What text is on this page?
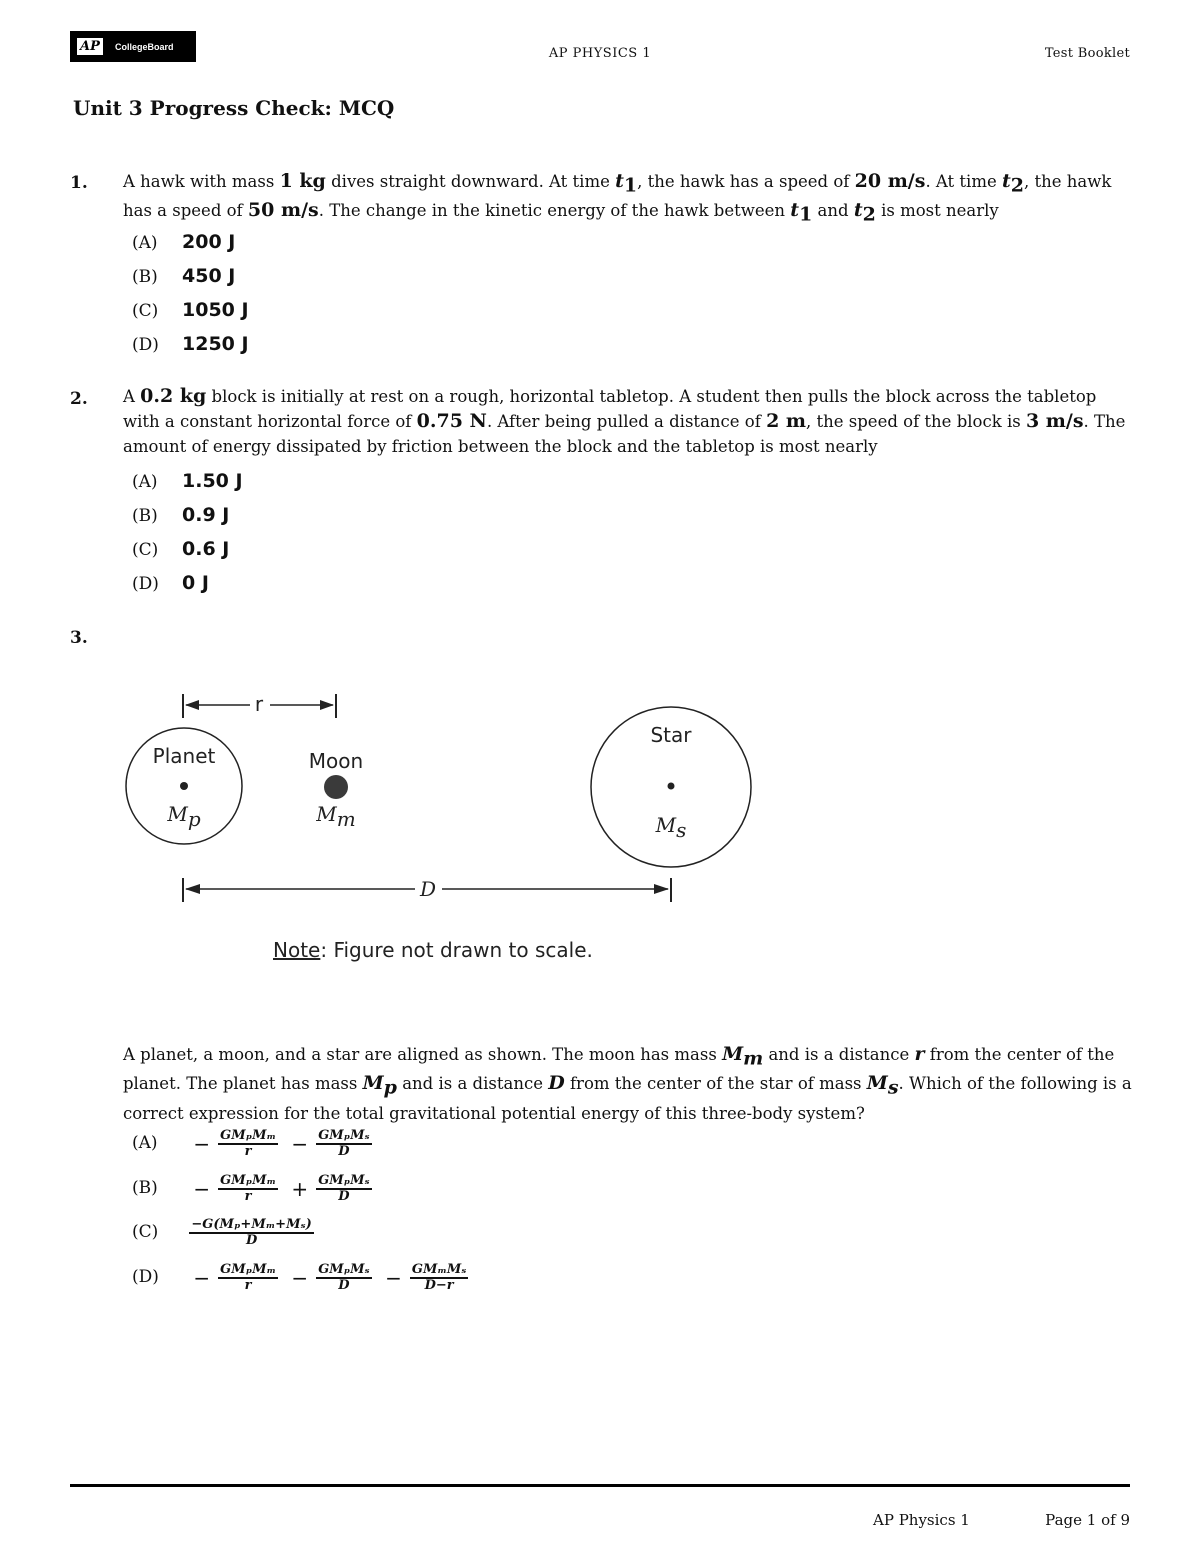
AP CollegeBoard	AP PHYSICS 1	Test Booklet
Unit 3 Progress Check: MCQ
1. A hawk with mass 1 kg dives straight downward. At time $t_1$, the hawk has a speed of 20 m/s. At time $t_2$, the hawk has a speed of 50 m/s. The change in the kinetic energy of the hawk between $t_1$ and $t_2$ is most nearly
(A) 200 J
(B) 450 J
(C) 1050 J
(D) 1250 J
2. A 0.2 kg block is initially at rest on a rough, horizontal tabletop. A student then pulls the block across the tabletop with a constant horizontal force of 0.75 N. After being pulled a distance of 2 m, the speed of the block is 3 m/s. The amount of energy dissipated by friction between the block and the tabletop is most nearly
(A) 1.50 J
(B) 0.9 J
(C) 0.6 J
(D) 0 J
3.
r
Planet
Mp
Moon
Mm
Star
Ms
D
Note: Figure not drawn to scale.
A planet, a moon, and a star are aligned as shown. The moon has mass $M_m$ and is a distance r from the center of the planet. The planet has mass $M_p$ and is a distance D from the center of the star of mass $M_s$. Which of the following is a correct expression for the total gravitational potential energy of this three-body system?
$(A) - \frac{\text{GMₚMₘ}}{r} - \frac{\text{GMₚMₛ}}{D}$
$(B) - \frac{\text{GMₚMₘ}}{r} + \frac{\text{GMₚMₛ}}{D}$
$(C) \frac{\text{−G(Mₚ+Mₘ+Mₛ)}}{D}$
$(D) - \frac{\text{GMₚMₘ}}{r} - \frac{\text{GMₚMₛ}}{D} - \frac{\text{GMₘMₛ}}{D-r}$
AP Physics 1	Page 1 of 9
